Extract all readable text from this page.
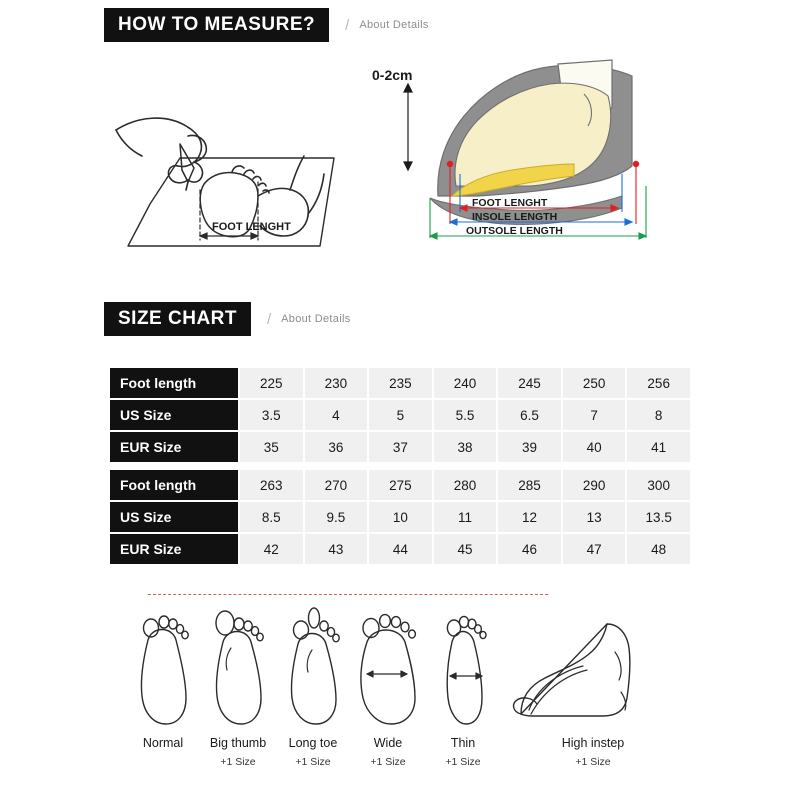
HOW TO MEASURE?	/ About Details
FOOT LENGHT
0-2cm
FOOT LENGHT
INSOLE LENGTH
OUTSOLE LENGTH
SIZE CHART	/ About Details
Foot length	225	230	235	240	245	250	256
US Size	3.5	4	5	5.5	6.5	7	8
EUR Size	35	36	37	38	39	40	41
Foot length	263	270	275	280	285	290	300
US Size	8.5	9.5	10	11	12	13	13.5
EUR Size	42	43	44	45	46	47	48
Normal	Big thumb
+1 Size
Long toe
+1 Size
Wide
+1 Size
Thin
+1 Size
High instep
+1 Size
